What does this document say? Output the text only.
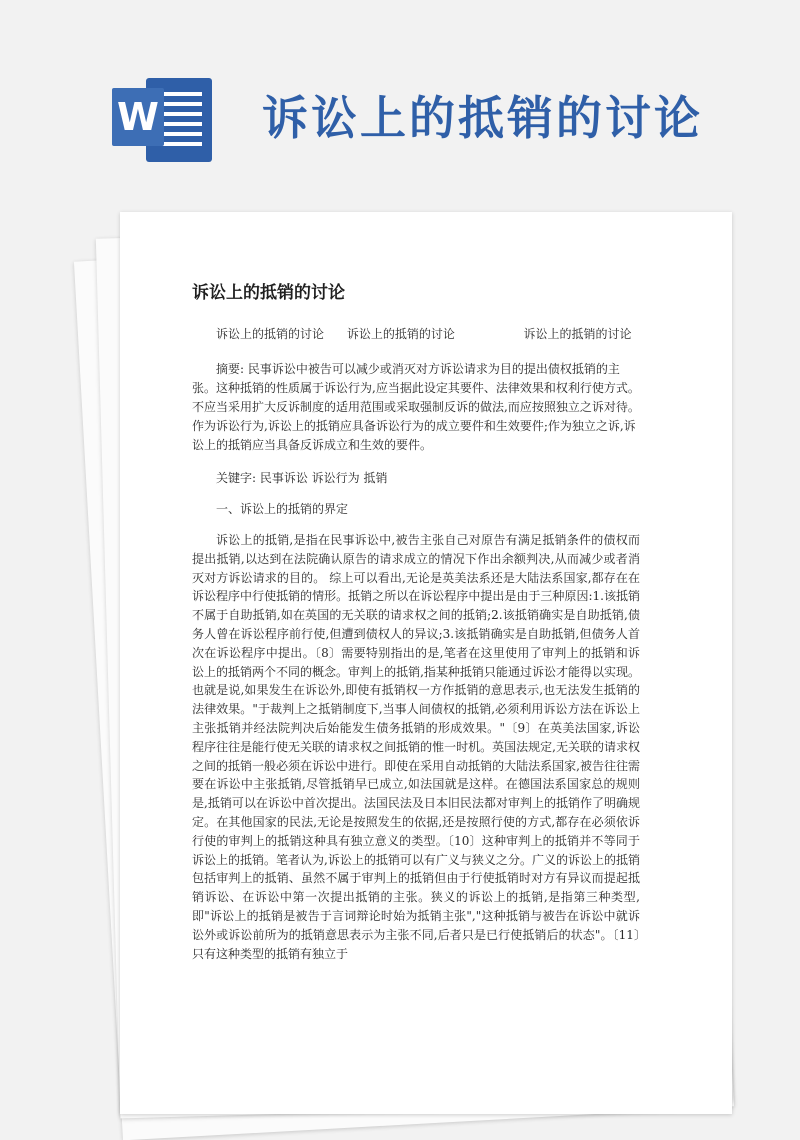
W 诉讼上的抵销的讨论
诉讼上的抵销的讨论

诉讼上的抵销的讨论      诉讼上的抵销的讨论                  诉讼上的抵销的讨论

摘要: 民事诉讼中被告可以减少或消灭对方诉讼请求为目的提出债权抵销的主张。这种抵销的性质属于诉讼行为,应当据此设定其要件、法律效果和权利行使方式。不应当采用扩大反诉制度的适用范围或采取强制反诉的做法,而应按照独立之诉对待。作为诉讼行为,诉讼上的抵销应具备诉讼行为的成立要件和生效要件;作为独立之诉,诉讼上的抵销应当具备反诉成立和生效的要件。

关键字: 民事诉讼 诉讼行为 抵销

一、诉讼上的抵销的界定

诉讼上的抵销,是指在民事诉讼中,被告主张自己对原告有满足抵销条件的债权而提出抵销,以达到在法院确认原告的请求成立的情况下作出余额判决,从而减少或者消灭对方诉讼请求的目的。 综上可以看出,无论是英美法系还是大陆法系国家,都存在在诉讼程序中行使抵销的情形。抵销之所以在诉讼程序中提出是由于三种原因:1.该抵销不属于自助抵销,如在英国的无关联的请求权之间的抵销;2.该抵销确实是自助抵销,债务人曾在诉讼程序前行使,但遭到债权人的异议;3.该抵销确实是自助抵销,但债务人首次在诉讼程序中提出。〔8〕需要特别指出的是,笔者在这里使用了审判上的抵销和诉讼上的抵销两个不同的概念。审判上的抵销,指某种抵销只能通过诉讼才能得以实现。也就是说,如果发生在诉讼外,即使有抵销权一方作抵销的意思表示,也无法发生抵销的法律效果。"于裁判上之抵销制度下,当事人间债权的抵销,必须利用诉讼方法在诉讼上主张抵销并经法院判决后始能发生债务抵销的形成效果。"〔9〕在英美法国家,诉讼程序往往是能行使无关联的请求权之间抵销的惟一时机。英国法规定,无关联的请求权之间的抵销一般必须在诉讼中进行。即使在采用自动抵销的大陆法系国家,被告往往需要在诉讼中主张抵销,尽管抵销早已成立,如法国就是这样。在德国法系国家总的规则是,抵销可以在诉讼中首次提出。法国民法及日本旧民法都对审判上的抵销作了明确规定。在其他国家的民法,无论是按照发生的依据,还是按照行使的方式,都存在必须依诉行使的审判上的抵销这种具有独立意义的类型。〔10〕这种审判上的抵销并不等同于诉讼上的抵销。笔者认为,诉讼上的抵销可以有广义与狭义之分。广义的诉讼上的抵销包括审判上的抵销、虽然不属于审判上的抵销但由于行使抵销时对方有异议而提起抵销诉讼、在诉讼中第一次提出抵销的主张。狭义的诉讼上的抵销,是指第三种类型,即"诉讼上的抵销是被告于言词辩论时始为抵销主张","这种抵销与被告在诉讼中就诉讼外或诉讼前所为的抵销意思表示为主张不同,后者只是已行使抵销后的状态"。〔11〕只有这种类型的抵销有独立于
